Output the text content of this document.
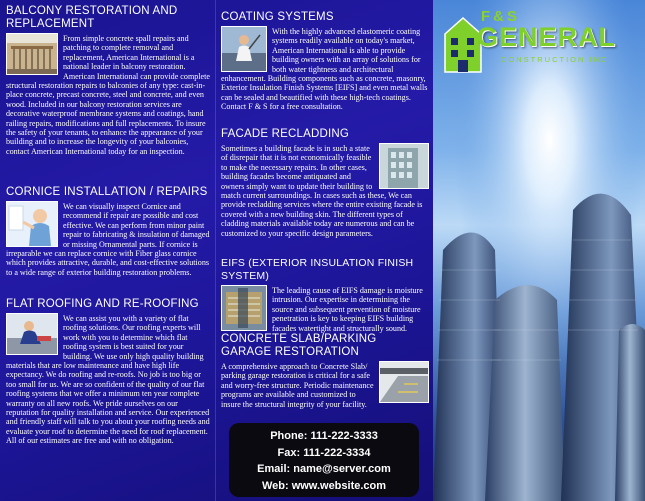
BALCONY RESTORATION AND REPLACEMENT

From simple concrete spall repairs and patching to complete removal and replacement, American International is a national leader in balcony restoration. American International can provide complete structural restoration repairs to balconies of any type: cast-in-place concrete, precast concrete, steel and concrete, and even wood. Included in our balcony restoration services are decorative waterproof membrane systems and coatings, hand railing repairs, modifications and full replacements. To insure the safety of your tenants, to enhance the appearance of your building and to increase the longevity of your balconies, contact American International today for an inspection.

CORNICE INSTALLATION / REPAIRS

We can visually inspect Cornice and recommend if repair are possible and cost effective. We can perform from minor paint repair to fabricating & insulation of damaged or missing Ornamental parts. If cornice is irreparable we can replace cornice with Fiber glass cornice which provides attractive, durable, and cost-effective solutions to a wide range of exterior building restoration problems.

FLAT ROOFING AND RE-ROOFING

We can assist you with a variety of flat roofing solutions. Our roofing experts will work with you to determine which flat roofing system is best suited for your building. We use only high quality building materials that are low maintenance and have high life expectancy. We do roofing and re-roofs. No job is too big or too small for us. We are so confident of the quality of our flat roofing systems that we offer a minimum ten year complete warranty on all new roofs. We pride ourselves on our reputation for quality installation and service. Our experienced and friendly staff will talk to you about your roofing needs and evaluate your roof to determine the need for roof replacement. All of our estimates are free and with no obligation.

COATING SYSTEMS

With the highly advanced elastomeric coating systems readily available on today's market, American International is able to provide building owners with an array of solutions for both water tightness and architectural enhancement. Building components such as concrete, masonry, Exterior Insulation Finish Systems [EIFS] and even metal walls can be sealed and beautified with these high-tech coatings. Contact F & S for a free consultation.

FACADE RECLADDING

Sometimes a building facade is in such a state of disrepair that it is not economically feasible to make the necessary repairs. In other cases, building facades become antiquated and owners simply want to update their building to match current surroundings. In cases such as these, We can provide recladding services where the entire existing facade is covered with a new building skin. The different types of cladding materials available today are numerous and can be customized to your specific design parameters.

EIFS (EXTERIOR INSULATION FINISH SYSTEM)

The leading cause of EIFS damage is moisture intrusion. Our expertise in determining the source and subsequent prevention of moisture penetration is key to keeping EIFS building facades watertight and structurally sound.

CONCRETE SLAB/PARKING GARAGE RESTORATION

A comprehensive approach to Concrete Slab/ parking garage restoration is critical for a safe and worry-free structure. Periodic maintenance programs are available and customized to insure the structural integrity of your facility.

F&S
GENERAL
CONSTRUCTION INC
Phone: 111-222-3333
Fax: 111-222-3334
Email: name@server.com
Web: www.website.com
